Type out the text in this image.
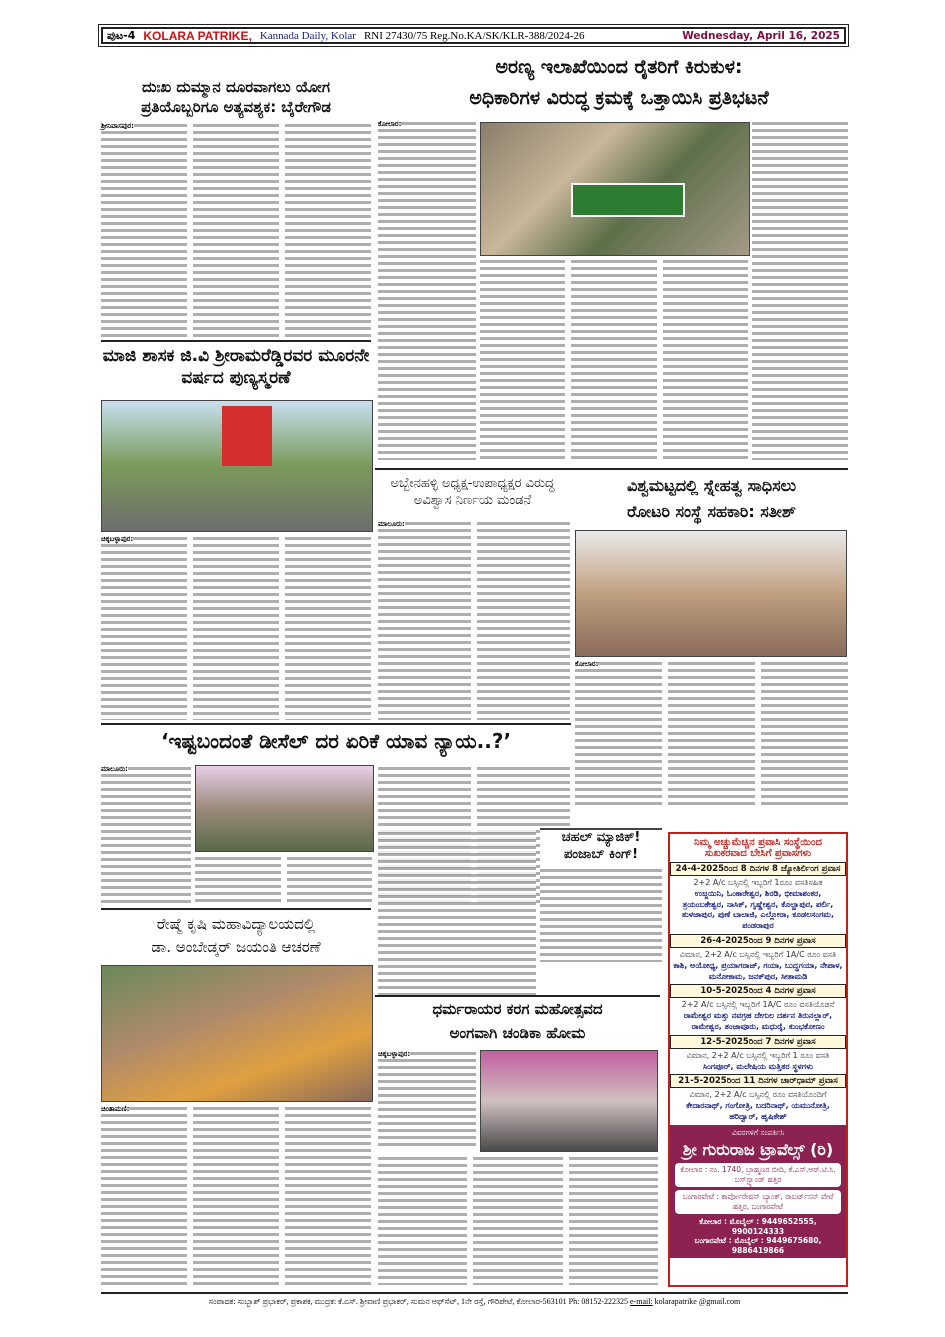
ಪುಟ-4 KOLARA PATRIKE, Kannada Daily, Kolar RNI 27430/75 Reg.No.KA/SK/KLR-388/2024-26	Wednesday, April 16, 2025
ದುಃಖ ದುಮ್ಮಾನ ದೂರವಾಗಲು ಯೋಗ ಪ್ರತಿಯೊಬ್ಬರಿಗೂ ಅತ್ಯವಶ್ಯಕ: ಬೈರೇಗೌಡ
ಶ್ರೀನಿವಾಸಪುರ:
ಅರಣ್ಯ ಇಲಾಖೆಯಿಂದ ರೈತರಿಗೆ ಕಿರುಕುಳ:
ಅಧಿಕಾರಿಗಳ ವಿರುದ್ಧ ಕ್ರಮಕ್ಕೆ ಒತ್ತಾಯಿಸಿ ಪ್ರತಿಭಟನೆ
ಕೋಲಾರ:
ಮಾಜಿ ಶಾಸಕ ಜಿ.ವಿ ಶ್ರೀರಾಮರೆಡ್ಡಿರವರ ಮೂರನೇ ವರ್ಷದ ಪುಣ್ಯಸ್ಮರಣೆ
ಚಿಕ್ಕಬಳ್ಳಾಪುರ:
ಅಬ್ಬೇನಹಳ್ಳಿ ಅಧ್ಯಕ್ಷ-ಉಪಾಧ್ಯಕ್ಷರ ವಿರುದ್ಧ ಅವಿಶ್ವಾಸ ನಿರ್ಣಯ ಮಂಡನೆ
ಮಾಲೂರು:
ವಿಶ್ವಮಟ್ಟದಲ್ಲಿ ಸ್ನೇಹತ್ವ ಸಾಧಿಸಲು
ರೋಟರಿ ಸಂಸ್ಥೆ ಸಹಕಾರಿ: ಸತೀಶ್
ಕೋಲಾರ:
‘ಇಷ್ಟಬಂದಂತೆ ಡೀಸೆಲ್ ದರ ಏರಿಕೆ ಯಾವ ನ್ಯಾಯ..?’
ಮಾಲೂರು:
ಚಹಲ್ ಮ್ಯಾಜಿಕ್!
ಪಂಜಾಬ್ ಕಿಂಗ್!
ರೇಷ್ಮೆ ಕೃಷಿ ಮಹಾವಿದ್ಯಾಲಯದಲ್ಲಿ
ಡಾ. ಅಂಬೇಡ್ಕರ್ ಜಯಂತಿ ಆಚರಣೆ
ಚಿಂತಾಮಣಿ:
ಧರ್ಮರಾಯರ ಕರಗ ಮಹೋತ್ಸವದ
ಅಂಗವಾಗಿ ಚಂಡಿಕಾ ಹೋಮ
ಚಿಕ್ಕಬಳ್ಳಾಪುರ:
ನಿಮ್ಮ ಅಚ್ಚುಮೆಚ್ಚಿನ ಪ್ರವಾಸಿ ಸಂಸ್ಥೆಯಿಂದ ಸುಖಕರವಾದ ಬೇಸಿಗೆ ಪ್ರವಾಸಗಳು
24-4-2025ರಿಂದ 8 ದಿನಗಳ 8 ಜ್ಯೋತಿರ್ಲಿಂಗ ಪ್ರವಾಸ
2+2 A/c ಬಸ್ಸಿನಲ್ಲಿ ಇಬ್ಬರಿಗೆ 1ರೂಂ ವಸತಿಸಹಿತ
ಉಜ್ಜಯಿನಿ, ಓಂಕಾರೇಶ್ವರ, ಶಿರಡಿ, ಭೀಮಾಶಂಕರ, ತ್ರಯಂಬಕೇಶ್ವರ, ನಾಸಿಕ್, ಗೃಷ್ಣೇಶ್ವರ, ಕೊಲ್ಹಾಪುರ, ಪರ್ಲಿ, ತುಳಜಾಪುರ, ಪುಣೆ ಬಾಲಾಜಿ, ಎಲ್ಲೋರಾ, ಕೂಡಲಸಂಗಮ, ಪಂಡರಾಪುರ
26-4-2025ರಿಂದ 9 ದಿನಗಳ ಪ್ರವಾಸ
ವಿಮಾನ, 2+2 A/c ಬಸ್ಸಿನಲ್ಲಿ ಇಬ್ಬರಿಗೆ 1A/C ರೂಂ ವಸತಿ
ಕಾಶಿ, ಅಯೋಧ್ಯ, ಪ್ರಯಾಗರಾಜ್, ಗಯಾ, ಬುದ್ಧಗಯಾ, ನೇಪಾಳ, ಮನೋಕಾಮ, ಜನಕ್‌ಪುರ, ಸೀತಾಮಡಿ
10-5-2025ರಿಂದ 4 ದಿನಗಳ ಪ್ರವಾಸ
2+2 A/c ಬಸ್ಸಿನಲ್ಲಿ ಇಬ್ಬರಿಗೆ 1A/C ರೂಂ ವಸತಿಯೊಡನೆ
ರಾಮೇಶ್ವರ ಮತ್ತು ನವಗ್ರಹ ದೇಗುಲ ದರ್ಶನ ತಿರುನಲ್ಲಾರ್, ರಾಮೇಶ್ವರ, ತಂಜಾವೂರು, ಮಧುರೈ, ಕುಂಭಕೋಣಂ
12-5-2025ರಿಂದ 7 ದಿನಗಳ ಪ್ರವಾಸ
ವಿಮಾನ, 2+2 A/c ಬಸ್ಸಿನಲ್ಲಿ ಇಬ್ಬರಿಗೆ 1 ರೂಂ ವಸತಿ
ಸಿಂಗಪೂರ್, ಮಲೇಷಿಯ ಮತ್ತಿತರ ಸ್ಥಳಗಳು
21-5-2025ರಿಂದ 11 ದಿನಗಳ ಚಾರ್‌ಧಾಮ್ ಪ್ರವಾಸ
ವಿಮಾನ, 2+2 A/c ಬಸ್ಸಿನಲ್ಲಿ ರೂಂ ವಸತಿಯೊಂದಿಗೆ
ಕೇದಾರನಾಥ್, ಗಂಗೋತ್ರಿ, ಬದರಿನಾಥ್, ಯಮುನೋತ್ರಿ, ಹರಿದ್ವಾರ್, ಹೃಷಿಕೇಶ್
ವಿವರಗಳಿಗೆ ಸಂಪರ್ಕಿಸಿ
ಶ್ರೀ ಗುರುರಾಜ ಟ್ರಾವೆಲ್ಸ್ (ರಿ)
ಕೋಲಾರ : ನಂ. 1740, ಬ್ರಾಹ್ಮಣರ ಬೀದಿ, ಕೆ.ಎಸ್.ಆರ್.ಟಿ.ಸಿ. ಬಸ್‌ಸ್ಟ್ಯಾಂಡ್ ಹತ್ತಿರ
ಬಂಗಾರಪೇಟೆ : ಕಾರ್ಪೋರೇಷನ್ ಬ್ಯಾಂಕ್, ರಾಬರ್ಟ್‌ಸನ್ ಪೇಟೆ ಹತ್ತಿರ, ಬಂಗಾರಪೇಟೆ
ಕೋಲಾರ : ಮೊಬೈಲ್ : 9449652555, 9900124333
ಬಂಗಾರಪೇಟೆ : ಮೊಬೈಲ್ : 9449675680, 9886419866
ಸಂಪಾದಕ: ಸುಬ್ಬಾಶ್ ಪ್ರಭಾಕರ್, ಪ್ರಕಾಶಕ, ಮುದ್ರಕ: ಕೆ.ಎಸ್. ಶ್ರೀವಾಣಿ ಪ್ರಭಾಕರ್, ಸುಮನ ಆಫ್‌ಸೆಟ್, 1ನೇ ರಸ್ತೆ, ಗೌರಿಪೇಟೆ, ಕೋಲಾರ-563101 Ph: 08152-222325 e-mail: kolarapatrike @gmail.com
